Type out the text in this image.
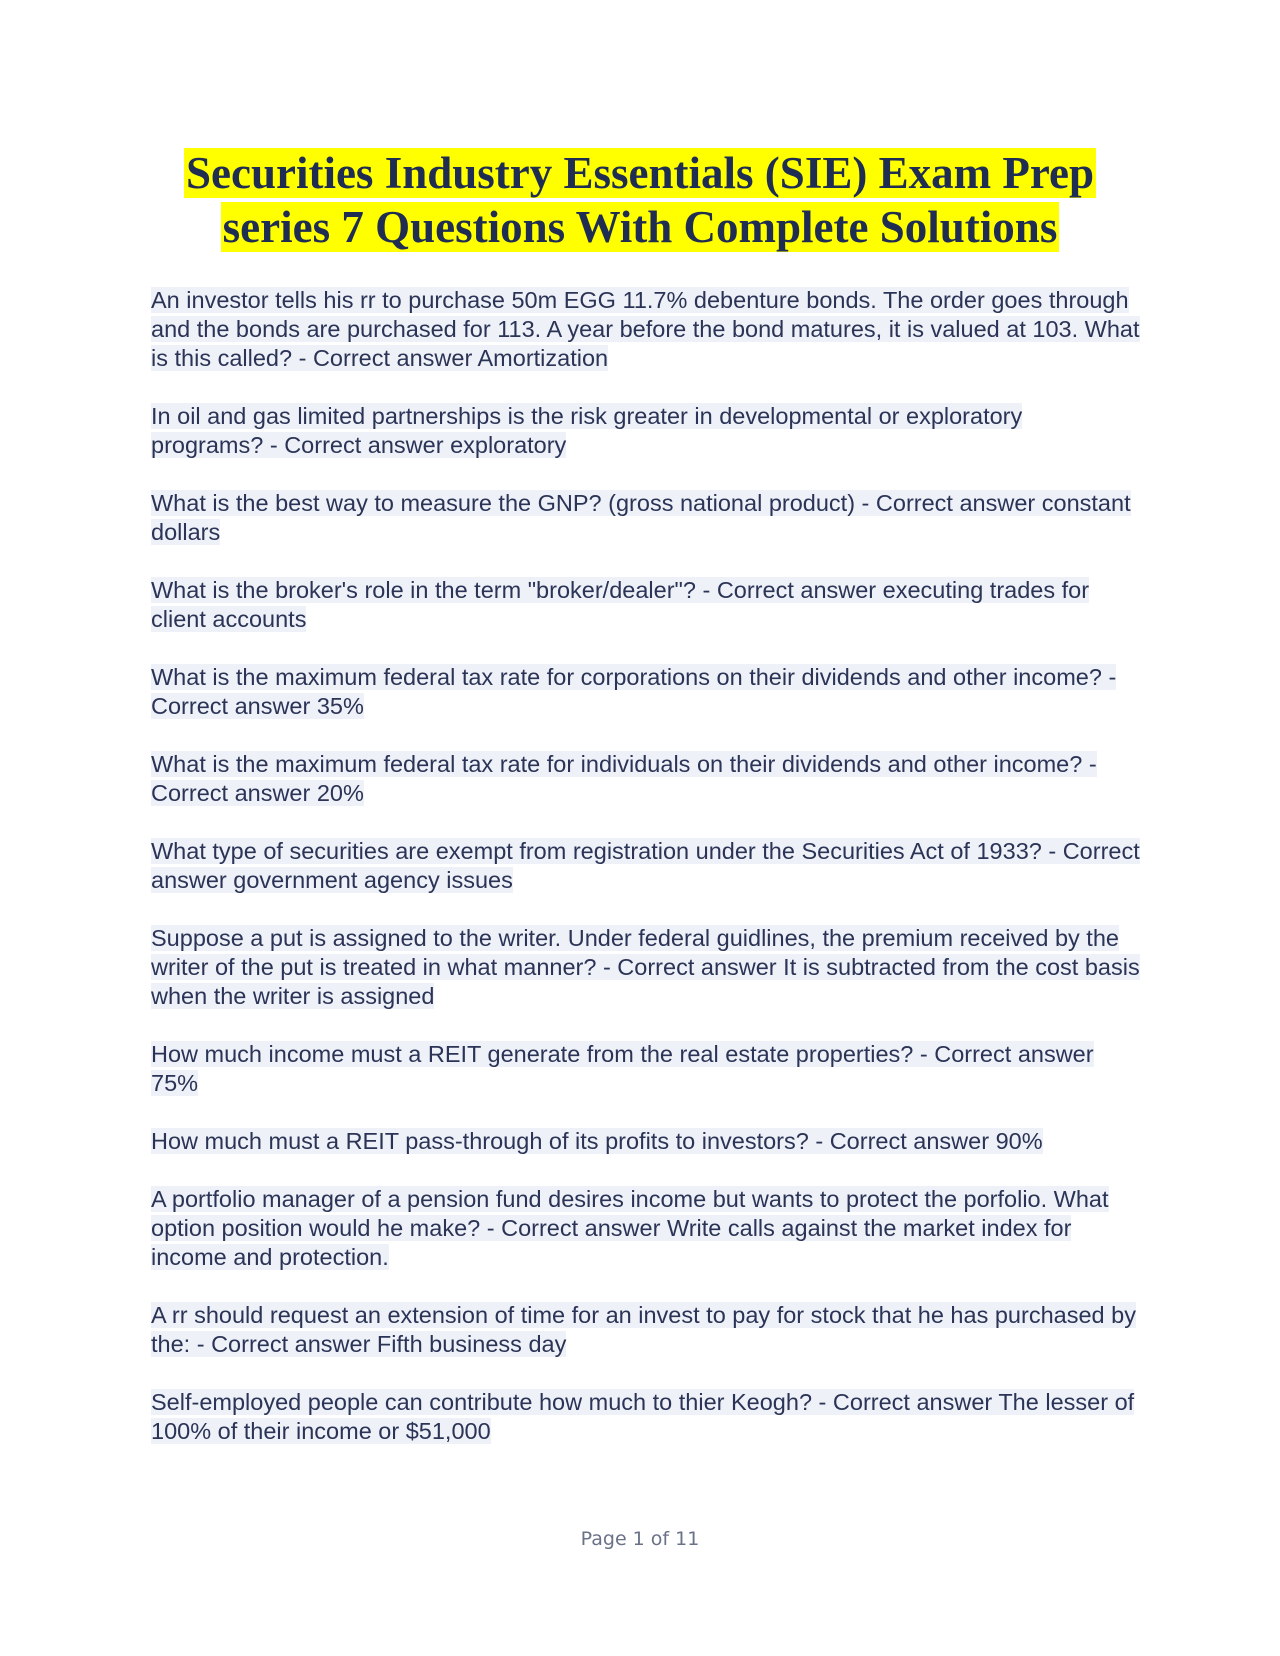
Securities Industry Essentials (SIE) Exam Prep
series 7 Questions With Complete Solutions

An investor tells his rr to purchase 50m EGG 11.7% debenture bonds. The order goes through and the bonds are purchased for 113. A year before the bond matures, it is valued at 103. What is this called? - Correct answer Amortization

In oil and gas limited partnerships is the risk greater in developmental or exploratory programs? - Correct answer exploratory

What is the best way to measure the GNP? (gross national product) - Correct answer constant dollars

What is the broker's role in the term "broker/dealer"? - Correct answer executing trades for client accounts

What is the maximum federal tax rate for corporations on their dividends and other income? - Correct answer 35%

What is the maximum federal tax rate for individuals on their dividends and other income? - Correct answer 20%

What type of securities are exempt from registration under the Securities Act of 1933? - Correct answer government agency issues

Suppose a put is assigned to the writer. Under federal guidlines, the premium received by the writer of the put is treated in what manner? - Correct answer It is subtracted from the cost basis when the writer is assigned

How much income must a REIT generate from the real estate properties? - Correct answer 75%

How much must a REIT pass-through of its profits to investors? - Correct answer 90%

A portfolio manager of a pension fund desires income but wants to protect the porfolio. What option position would he make? - Correct answer Write calls against the market index for income and protection.

A rr should request an extension of time for an invest to pay for stock that he has purchased by the: - Correct answer Fifth business day

Self-employed people can contribute how much to thier Keogh? - Correct answer The lesser of 100% of their income or $51,000

Page 1 of 11
